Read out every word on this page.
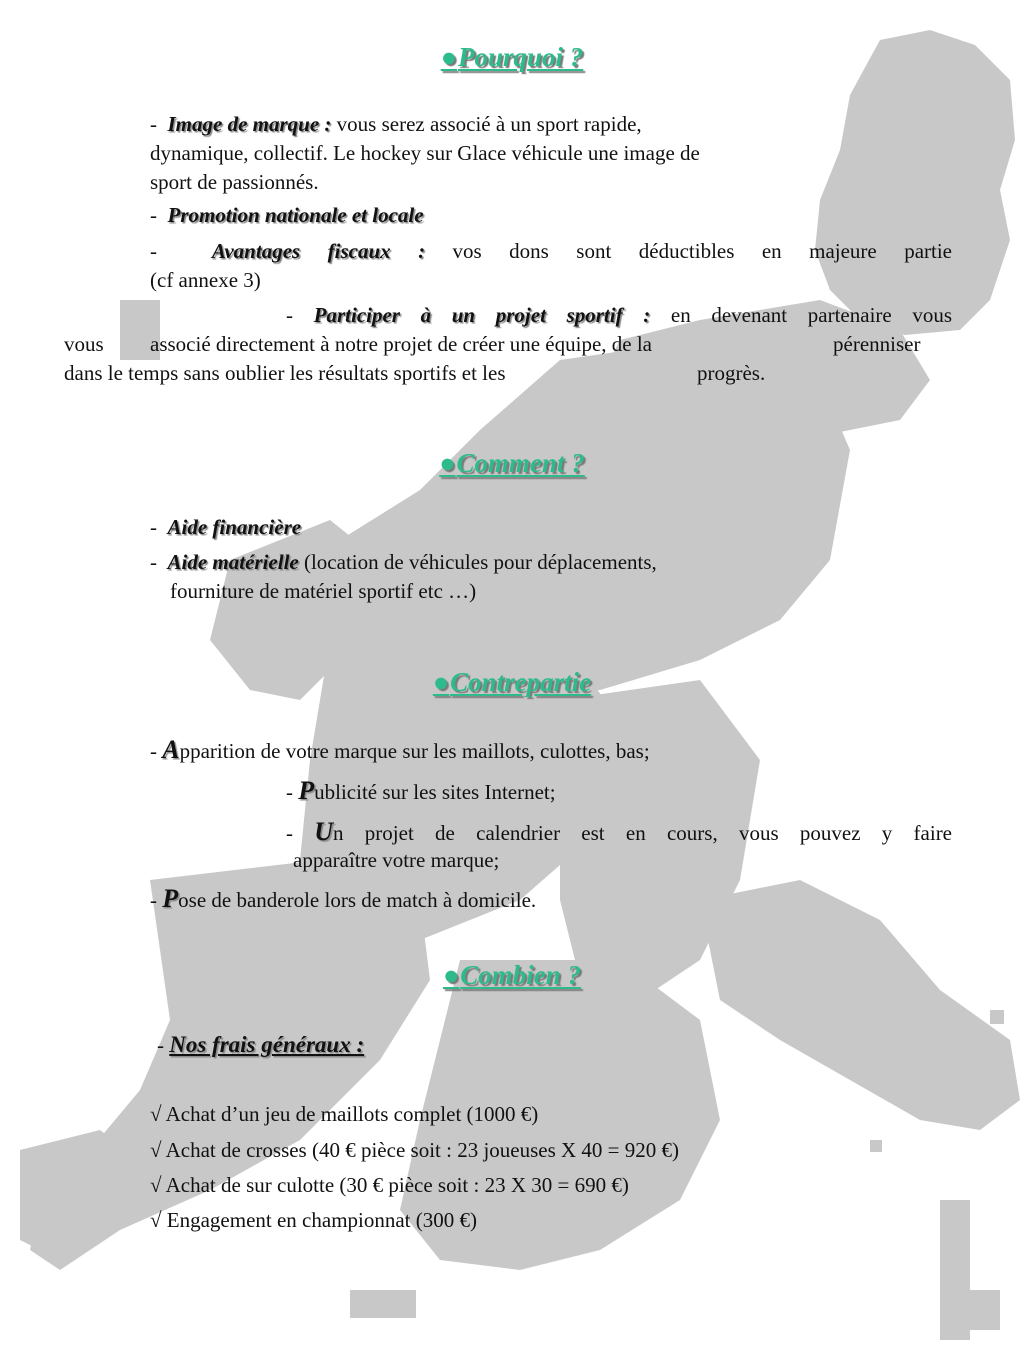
●Pourquoi ?
- Image de marque : vous serez associé à un sport rapide,
dynamique, collectif. Le hockey sur Glace véhicule une image de
sport de passionnés.
- Promotion nationale et locale
-	Avantages fiscaux : vos dons sont déductibles en majeure partie
(cf annexe 3)
- Participer à un projet sportif : en devenant partenaire vous
vous associé directement à notre projet de créer une équipe, de la	pérenniser
dans le temps sans oublier les résultats sportifs et les	progrès.
●Comment ?
- Aide financière
- Aide matérielle (location de véhicules pour déplacements,
fourniture de matériel sportif etc …)
●Contrepartie
- Apparition de votre marque sur les maillots, culottes, bas;
- Publicité sur les sites Internet;
- Un projet de calendrier est en cours, vous pouvez y faire
apparaître votre marque;
- Pose de banderole lors de match à domicile.
●Combien ?
- Nos frais généraux :
√ Achat d’un jeu de maillots complet (1000 €)
√ Achat de crosses (40 € pièce soit : 23 joueuses X 40 = 920 €)
√ Achat de sur culotte (30 € pièce soit : 23 X 30 = 690 €)
√ Engagement en championnat (300 €)
